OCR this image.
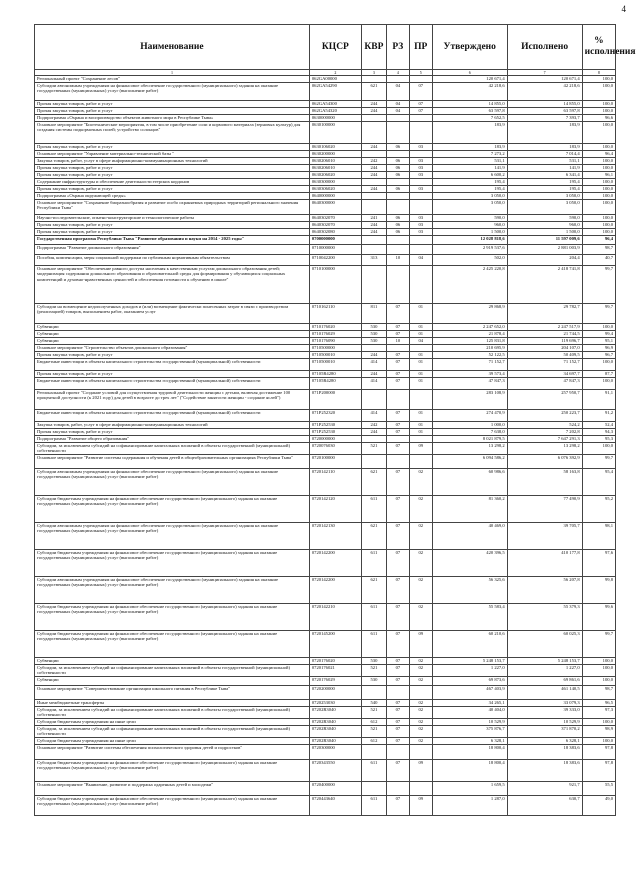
4
Наименование	КЦСР	КВР	РЗ	ПР	Утверждено	Исполнено	% исполнения
1	2	3	4	5	6	7	8
Региональный проект "Сохранение лесов"	062GA00000				120 671,4	120 671,4	100,0
Субсидии автономным учреждениям на финансовое обеспечение государственного (муниципального) задания на оказание государственных (муниципальных) услуг (выполнение работ)	062GA54290	621	04	07	42 218,6	42 218,6	100,0
Прочая закупка товаров, работ и услуг	062GA54300	244	04	07	14 855,0	14 855,0	100,0
Прочая закупка товаров, работ и услуг	062GA54320	244	04	07	63 597,8	63 597,8	100,0
Подпрограмма «Охрана и воспроизводство объектов животного мира в Республике Тыва»	0630000000				7 652,5	7 393,7	96,6
Основное мероприятие "Биотехнические мероприятия, в том числе приобретение соли и кормового материала (зерновых культур) для создания системы подкормочных полей; устройство солонцов"	0630100000				183,9	183,9	100,0
Прочая закупка товаров, работ и услуг	0630106020	244	06	03	183,9	183,9	100,0
Основное мероприятие "Управление материально-технической базы "	0630200000				7 273,2	7 014,4	96,4
Закупка товаров, работ, услуг в сфере информационно-коммуникационных технологий	0630206010	242	06	03	531,1	531,1	100,0
Прочая закупка товаров, работ и услуг	0630206010	244	06	03	141,9	141,9	100,0
Прочая закупка товаров, работ и услуг	0630206020	244	06	03	6 600,2	6 341,4	96,1
Содержание инфраструктуры и обеспечение деятельности егерских кордонов	0630300000				195,4	195,4	100,0
Прочая закупка товаров, работ и услуг	0630306020	244	06	03	195,4	195,4	100,0
Подпрограмма «Охрана окружающей среды»	0640000000				3 050,0	3 050,0	100,0
Основное мероприятие "Сохранение биоразнообразия и развитие особо охраняемых природных территорий регионального значения Республики Тыва"	0640300000				3 050,0	3 050,0	100,0
Научно-исследовательские, опытно-конструкторские и технологические работы	0640302070	241	06	03	590,0	590,0	100,0
Прочая закупка товаров, работ и услуг	0640302070	244	06	03	960,0	960,0	100,0
Прочая закупка товаров, работ и услуг	0640302080	244	06	03	1 500,0	1 500,0	100,0
Государственная программа Республики Тыва "Развитие образования и науки на 2014 - 2025 годы"	0700000000				12 028 818,6	11 597 009,6	96,4
Подпрограмма "Развитие дошкольного образования"	0710000000				2 919 537,6	2 881 003,9	98,7
Пособия, компенсации, меры социальной поддержки по публичным нормативным обязательствам	0710042200	313	10	04	502,0	204,4	40,7
Основное мероприятие "Обеспечение равного доступа населения к качественным услугам дошкольного образования детей; модернизация содержания дошкольного образования и образовательной среды для формирования у обучающихся социальных компетенций и духовно-нравственных ценностей и обеспечения готовности к обучению в школе"	0710100000				2 425 220,8	2 418 741,8	99,7
Субсидии на возмещение недополученных доходов и (или) возмещение фактически понесенных затрат в связи с производством (реализацией) товаров, выполнением работ, оказанием услуг	0710162110	811	07	01	29 868,9	29 782,7	99,7
Субвенции	0710176020	530	07	01	2 247 652,0	2 247 517,9	100,0
Субвенции	0710176029	530	07	01	21 878,4	21 744,5	99,4
Субвенции	0710176090	530	10	04	125 831,8	119 696,7	95,1
Основное мероприятие "Строительство объектов дошкольного образования"	0710500000				210 695,9	204 107,0	96,9
Прочая закупка товаров, работ и услуг	0710500010	244	07	01	52 122,5	50 409,5	96,7
Бюджетные инвестиции в объекты капитального строительства государственной (муниципальной) собственности	0710500010	414	07	01	71 152,7	71 152,7	100,0
Прочая закупка товаров, работ и услуг	07105R4280	244	07	01	39 573,4	34 697,7	87,7
Бюджетные инвестиции в объекты капитального строительства государственной (муниципальной) собственности	07105R4280	414	07	01	47 847,3	47 847,3	100,0
Региональный проект "Создание условий для осуществления трудовой деятельности женщин с детьми, включая достижение 100 процентной доступности (к 2021 году) для детей в возрасте до трех лет" ("Содействие занятости женщин - создание яслей")	071P200000				283 108,9	257 950,7	91,1
Бюджетные инвестиции в объекты капитального строительства государственной (муниципальной) собственности	071P252320	414	07	01	274 470,9	250 223,7	91,2
Закупка товаров, работ, услуг в сфере информационно-коммуникационных технологий	071P252530	242	07	01	1 000,0	524,2	52,4
Прочая закупка товаров, работ и услуг	071P252530	244	07	01	7 638,0	7 202,8	94,3
Подпрограмма "Развитие общего образования"	0720000000				8 021 879,5	7 647 291,3	95,3
Субсидии, за исключением субсидий на софинансирование капитальных вложений в объекты государственной (муниципальной) собственности	0720076030	521	07	09	13 298,2	13 298,2	100,0
Основное мероприятие "Развитие системы содержания и обучения детей в общеобразовательных организациях Республики Тыва"	0720100000				6 094 586,2	6 076 392,9	99,7
Субсидии автономным учреждениям на финансовое обеспечение государственного (муниципального) задания на оказание государственных (муниципальных) услуг (выполнение работ)	0720142110	621	07	02	60 986,6	58 163,8	95,4
Субсидии бюджетным учреждениям на финансовое обеспечение государственного (муниципального) задания на оказание государственных (муниципальных) услуг (выполнение работ)	0720142120	611	07	02	81 360,2	77 490,9	95,2
Субсидии автономным учреждениям на финансовое обеспечение государственного (муниципального) задания на оказание государственных (муниципальных) услуг (выполнение работ)	0720142130	621	07	02	40 469,0	39 705,7	98,1
Субсидии бюджетным учреждениям на финансовое обеспечение государственного (муниципального) задания на оказание государственных (муниципальных) услуг (выполнение работ)	0720142200	611	07	02	420 396,5	410 177,8	97,6
Субсидии автономным учреждениям на финансовое обеспечение государственного (муниципального) задания на оказание государственных (муниципальных) услуг (выполнение работ)	0720142200	621	07	02	56 325,6	56 207,8	99,8
Субсидии бюджетным учреждениям на финансовое обеспечение государственного (муниципального) задания на оказание государственных (муниципальных) услуг (выполнение работ)	0720142210	611	07	02	55 583,4	55 379,3	99,6
Субсидии бюджетным учреждениям на финансовое обеспечение государственного (муниципального) задания на оказание государственных (муниципальных) услуг (выполнение работ)	0720145200	611	07	09	60 210,6	60 025,3	99,7
Субвенции	0720176020	530	07	02	5 248 153,7	5 248 153,7	100,0
Субсидии, за исключением субсидий на софинансирование капитальных вложений в объекты государственной (муниципальной) собственности	0720176021	521	07	02	1 227,0	1 227,0	100,0
Субвенции	0720176029	530	07	02	69 873,6	69 861,6	100,0
Основное мероприятие "Совершенствование организации школьного питания в Республике Тыва"	0720200000				467 403,9	461 140,5	98,7
Иные межбюджетные трансферты	0720253030	540	07	02	34 265,1	33 079,3	96,5
Субсидии, за исключением субсидий на софинансирование капитальных вложений в объекты государственной (муниципальной) собственности	07202R3040	521	07	02	40 404,0	39 333,0	97,3
Субсидии бюджетным учреждениям на иные цели	07202R3040	612	07	02	10 529,9	10 529,9	100,0
Субсидии, за исключением субсидий на софинансирование капитальных вложений в объекты государственной (муниципальной) собственности	07202R3040	521	07	02	375 876,7	371 870,2	98,9
Субсидии бюджетным учреждениям на иные цели	07202R3040	612	07	02	6 328,1	6 328,1	100,0
Основное мероприятие "Развитие системы обеспечения психологического здоровья детей и подростков"	0720300000				18 800,4	18 383,6	97,8
Субсидии бюджетным учреждениям на финансовое обеспечение государственного (муниципального) задания на оказание государственных (муниципальных) услуг (выполнение работ)	0720343550	611	07	09	18 800,4	18 383,6	97,8
Основное мероприятие "Выявление, развитие и поддержка одаренных детей и молодежи"	0720400000				1 659,5	921,7	55,5
Субсидии бюджетным учреждениям на финансовое обеспечение государственного (муниципального) задания на оказание государственных (муниципальных) услуг (выполнение работ)	0720443640	611	07	09	1 287,0	630,7	49,0
